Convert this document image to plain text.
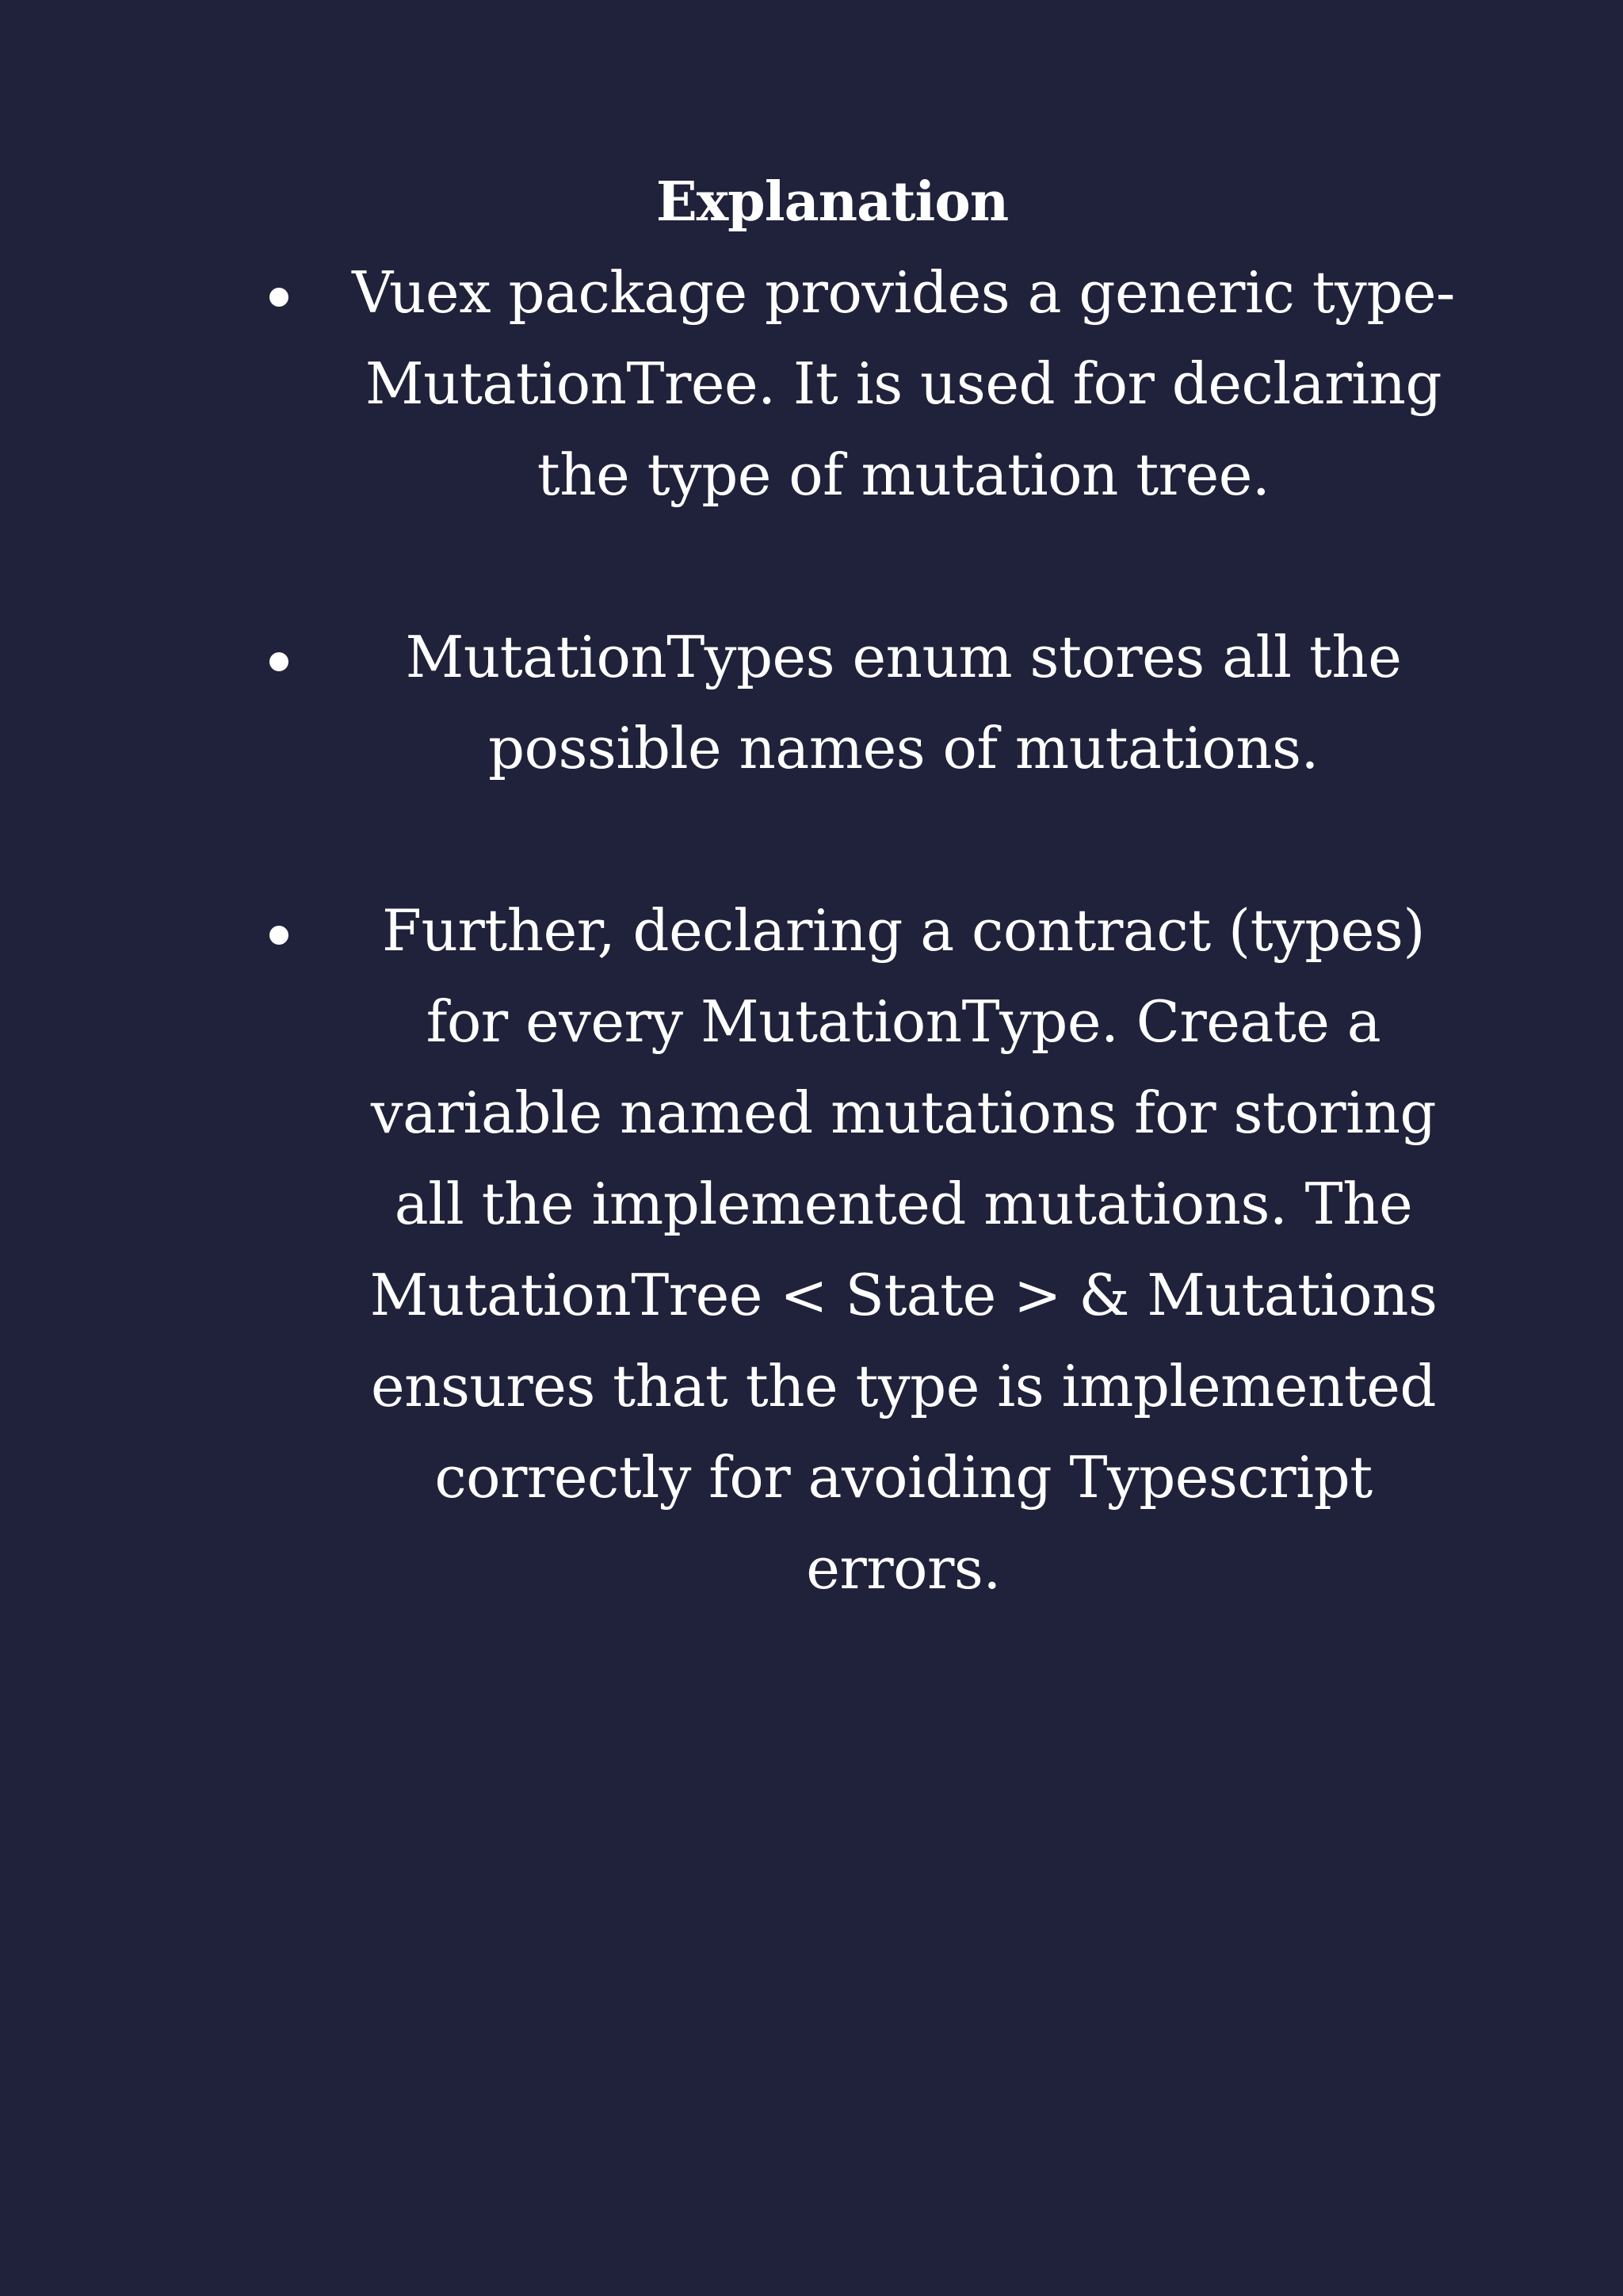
Explanation
Vuex package provides a generic type-
MutationTree. It is used for declaring
the type of mutation tree.
MutationTypes enum stores all the
possible names of mutations.
Further, declaring a contract (types)
for every MutationType. Create a
variable named mutations for storing
all the implemented mutations. The
MutationTree < State > & Mutations
ensures that the type is implemented
correctly for avoiding Typescript
errors.
